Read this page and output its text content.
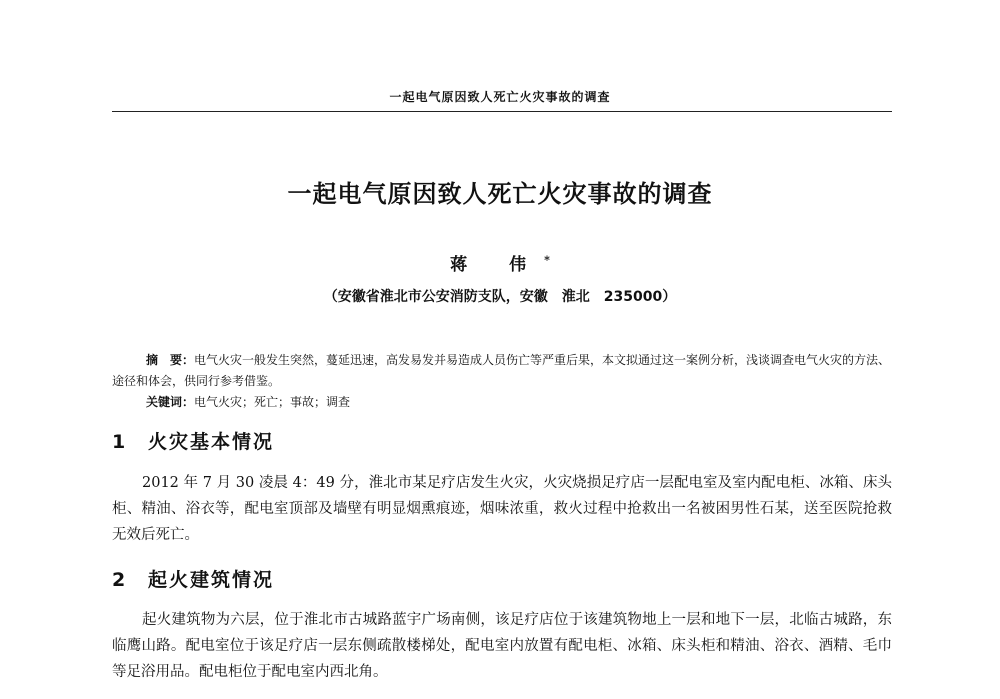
一起电气原因致人死亡火灾事故的调查
一起电气原因致人死亡火灾事故的调查
蒋 伟*
（安徽省淮北市公安消防支队，安徽　淮北　235000）

摘　要：电气火灾一般发生突然，蔓延迅速，高发易发并易造成人员伤亡等严重后果，本文拟通过这一案例分析，浅谈调查电气火灾的方法、途径和体会，供同行参考借鉴。

关键词：电气火灾；死亡；事故；调查

1 火灾基本情况

2012 年 7 月 30 凌晨 4：49 分，淮北市某足疗店发生火灾，火灾烧损足疗店一层配电室及室内配电柜、冰箱、床头柜、精油、浴衣等，配电室顶部及墙壁有明显烟熏痕迹，烟味浓重，救火过程中抢救出一名被困男性石某，送至医院抢救无效后死亡。

2 起火建筑情况

起火建筑物为六层，位于淮北市古城路蓝宇广场南侧，该足疗店位于该建筑物地上一层和地下一层，北临古城路，东临鹰山路。配电室位于该足疗店一层东侧疏散楼梯处，配电室内放置有配电柜、冰箱、床头柜和精油、浴衣、酒精、毛巾等足浴用品。配电柜位于配电室内西北角。
